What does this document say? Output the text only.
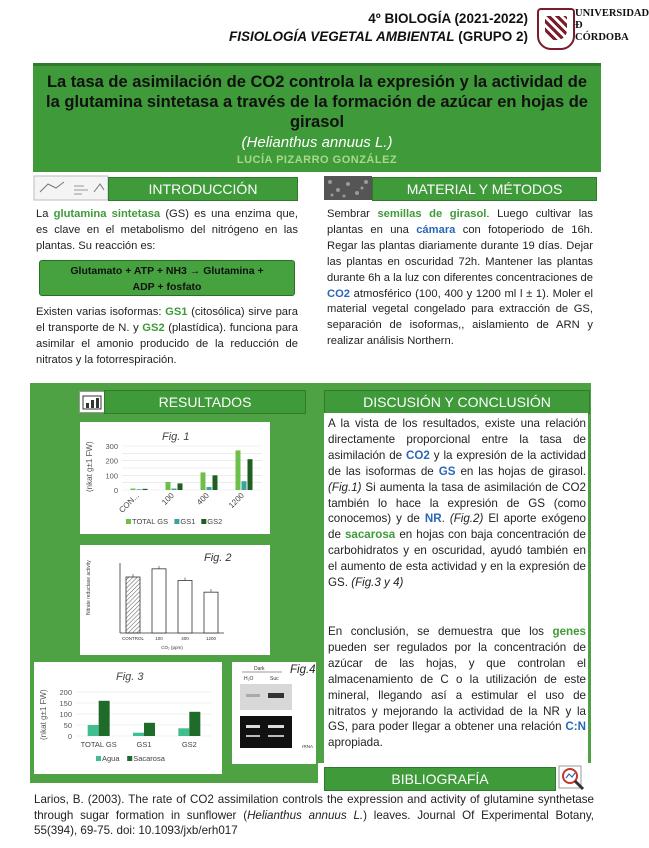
4º BIOLOGÍA (2021-2022)
FISIOLOGÍA VEGETAL AMBIENTAL (GRUPO 2)
UNIVERSIDAD
Ð
CÓRDOBA
La tasa de asimilación de CO2 controla la expresión y la actividad de la glutamina sintetasa a través de la formación de azúcar en hojas de girasol
(Helianthus annuus L.)
LUCÍA PIZARRO GONZÁLEZ
INTRODUCCIÓN	MATERIAL Y MÉTODOS
La glutamina sintetasa (GS) es una enzima que, es clave en el metabolismo del nitrógeno en las plantas. Su reacción es:
Glutamato + ATP + NH3 → Glutamina +
ADP + fosfato
Existen varias isoformas: GS1 (citosólica) sirve para el transporte de N. y GS2 (plastídica). funciona para asimilar el amonio producido de la reducción de nitratos y la fotorrespiración.
Sembrar semillas de girasol. Luego cultivar las plantas en una cámara con fotoperiodo de 16h. Regar las plantas diariamente durante 19 días. Dejar las plantas en oscuridad 72h. Mantener las plantas durante 6h a la luz con diferentes concentraciones de CO2 atmosférico (100, 400 y 1200 ml l ± 1). Moler el material vegetal congelado para extracción de GS, separación de isoformas,, aislamiento de ARN y realizar análisis Northern.
RESULTADOS
Fig. 1
(nkat g±1 FW)	0
100
200
300
CON... 100 400 1200
TOTAL GS GS1 GS2
Fig. 2
Nitrate reductase activity
CONTROL 100	400	1200
CO₂ (ppm)
Fig. 3
(nkat g±1 FW)	0
50
100
150
200
TOTAL GS	GS1	GS2
Agua Sacarosa
Dark
H₂O	Suc
rRNA
Fig.4
DISCUSIÓN Y CONCLUSIÓN
A la vista de los resultados, existe una relación directamente proporcional entre la tasa de asimilación de CO2 y la expresión de la actividad de las isoformas de GS en las hojas de girasol. (Fig.1) Si aumenta la tasa de asimilación de CO2 también lo hace la expresión de GS (como conocemos) y de NR. (Fig.2) El aporte exógeno de sacarosa en hojas con baja concentración de carbohidratos y en oscuridad, ayudó también en el aumento de esta actividad y en la expresión de GS. (Fig.3 y 4)
En conclusión, se demuestra que los genes pueden ser regulados por la concentración de azúcar de las hojas, y que controlan el almacenamiento de C o la utilización de este mineral, llegando así a estimular el uso de nitratos y mejorando la actividad de la NR y la GS, para poder llegar a obtener una relación C:N apropiada.
BIBLIOGRAFÍA
Larios, B. (2003). The rate of CO2 assimilation controls the expression and activity of glutamine synthetase through sugar formation in sunflower (Helianthus annuus L.) leaves. Journal Of Experimental Botany, 55(394), 69-75. doi: 10.1093/jxb/erh017
